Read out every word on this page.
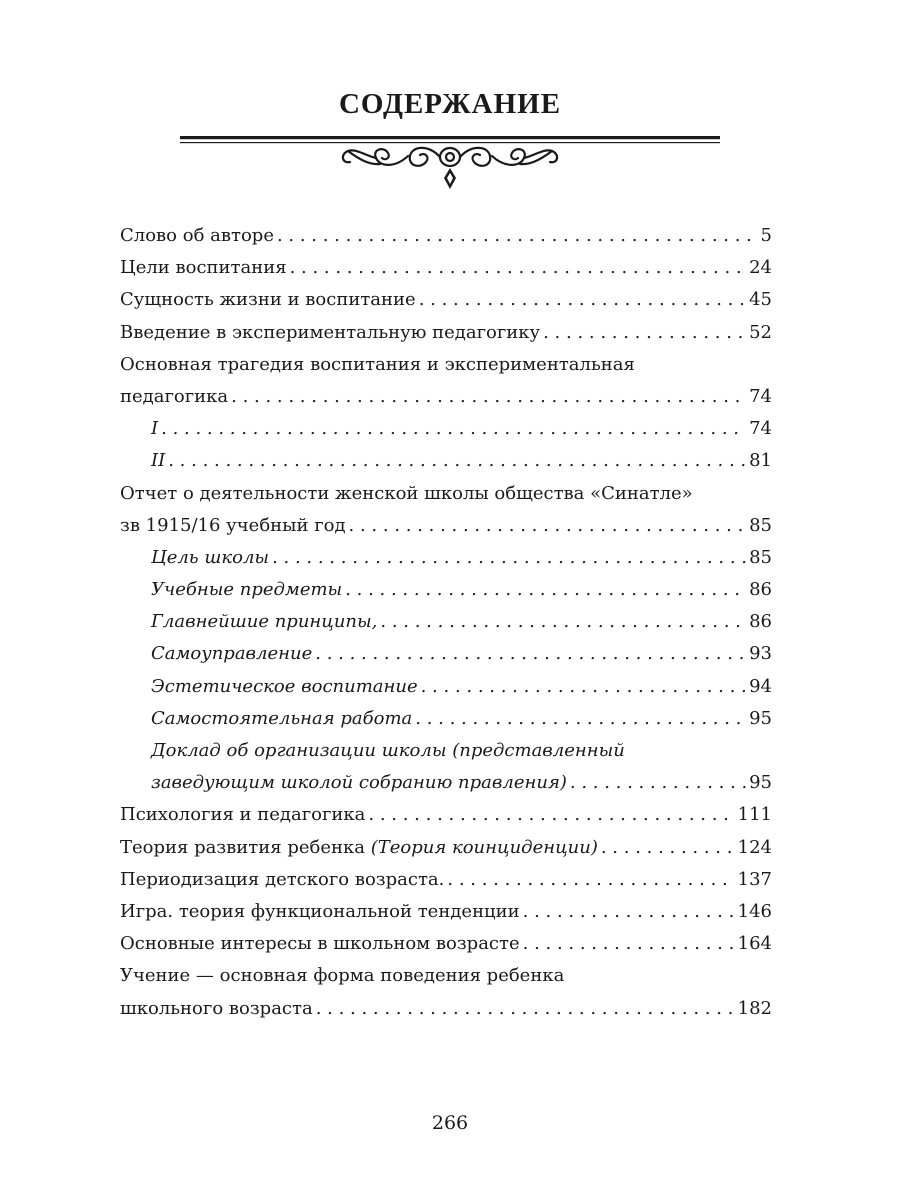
СОДЕРЖАНИЕ
Слово об авторе . . .	5
Цели воспитания . . .	24
Сущность жизни и воспитание . . .	45
Введение в экспериментальную педагогику . . .	52
Основная трагедия воспитания и экспериментальная
педагогика . . .	74
I . . .	74
II . . .	81
Отчет о деятельности женской школы общества «Синатле»
зв 1915/16 учебный год . . .	85
Цель школы . . .	85
Учебные предметы . . .	86
Главнейшие принципы, . . .	86
Самоуправление . . .	93
Эстетическое воспитание . . .	94
Самостоятельная работа . . .	95
Доклад об организации школы (представленный
заведующим школой собранию правления) . . .	95
Психология и педагогика . . .	111
Теория развития ребенка (Теория коинциденции) . . .	124
Периодизация детского возраста. . . .	137
Игра. теория функциональной тенденции . . .	146
Основные интересы в школьном возрасте . . .	164
Учение — основная форма поведения ребенка
школьного возраста . . .	182
266
